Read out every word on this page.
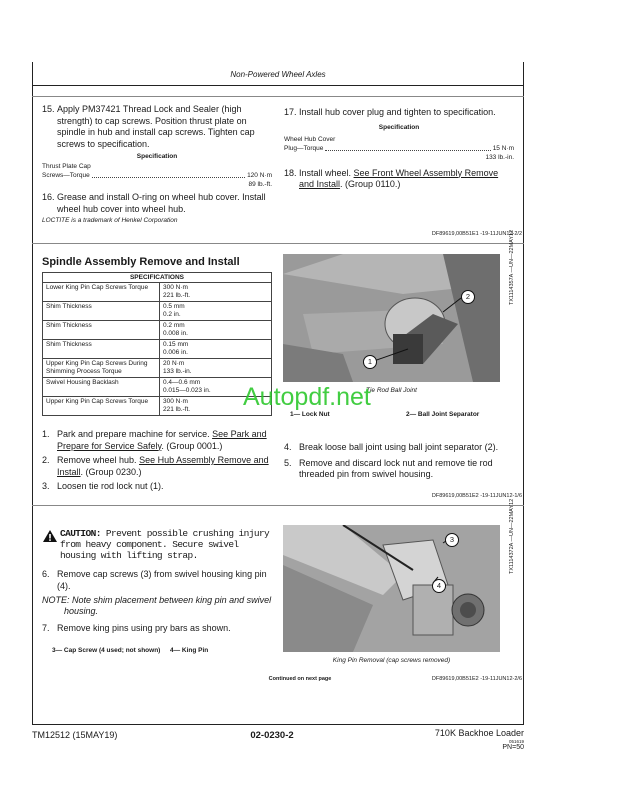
Non-Powered Wheel Axles
15. Apply PM37421 Thread Lock and Sealer (high strength) to cap screws. Position thrust plate on spindle in hub and install cap screws. Tighten cap screws to specification.
Specification
Thrust Plate Cap
Screws—Torque	120 N·m
89 lb.-ft.
16. Grease and install O-ring on wheel hub cover. Install wheel hub cover into wheel hub.
LOCTITE is a trademark of Henkel Corporation
17. Install hub cover plug and tighten to specification.
Specification
Wheel Hub Cover
Plug—Torque	15 N·m
133 lb.-in.
18. Install wheel. See Front Wheel Assembly Remove and Install. (Group 0110.)
DF89619,00B51E1 -19-11JUN12-2/2
Spindle Assembly Remove and Install
SPECIFICATIONS	
Lower King Pin Cap Screws Torque	300 N·m
221 lb.-ft.

Shim Thickness	0.5 mm
0.2 in.

Shim Thickness	0.2 mm
0.008 in.

Shim Thickness	0.15 mm
0.006 in.

Upper King Pin Cap Screws During Shimming Process Torque	20 N·m
133 lb.-in.

Swivel Housing Backlash	0.4—0.6 mm
0.015—0.023 in.

Upper King Pin Cap Screws Torque	300 N·m
221 lb.-ft.
1
2	TX1114357A —UN—22MAY12
Tie Rod Ball Joint
1— Lock Nut	2— Ball Joint Separator
1. Park and prepare machine for service. See Park and Prepare for Service Safely. (Group 0001.)
2. Remove wheel hub. See Hub Assembly Remove and Install. (Group 0230.)
3. Loosen tie rod lock nut (1).
4. Break loose ball joint using ball joint separator (2).
5. Remove and discard lock nut and remove tie rod threaded pin from swivel housing.
DF89619,00B51E2 -19-11JUN12-1/6
CAUTION: Prevent possible crushing injury from heavy component. Secure swivel housing with lifting strap.
6. Remove cap screws (3) from swivel housing king pin (4).
NOTE: Note shim placement between king pin and swivel housing.
7. Remove king pins using pry bars as shown.
3— Cap Screw (4 used; not shown)	4— King Pin
3
4
TX1114372A —UN—22MAY12
King Pin Removal (cap screws removed)
Continued on next page	DF89619,00B51E2 -19-11JUN12-2/6
Autopdf.net
TM12512 (15MAY19)	02-0230-2	710K Backhoe Loader
051619
PN=50
